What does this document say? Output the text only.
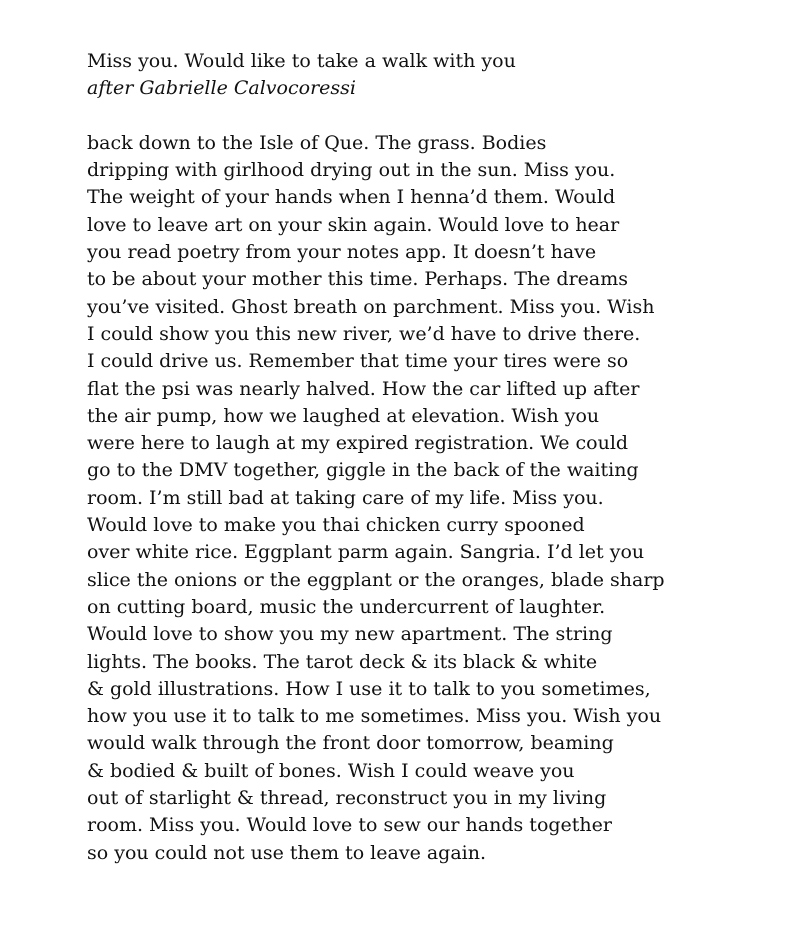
Miss you. Would like to take a walk with you
after Gabrielle Calvocoressi
back down to the Isle of Que. The grass. Bodies
dripping with girlhood drying out in the sun. Miss you.
The weight of your hands when I henna’d them. Would
love to leave art on your skin again. Would love to hear
you read poetry from your notes app. It doesn’t have
to be about your mother this time. Perhaps. The dreams
you’ve visited. Ghost breath on parchment. Miss you. Wish
I could show you this new river, we’d have to drive there.
I could drive us. Remember that time your tires were so
flat the psi was nearly halved. How the car lifted up after
the air pump, how we laughed at elevation. Wish you
were here to laugh at my expired registration. We could
go to the DMV together, giggle in the back of the waiting
room. I’m still bad at taking care of my life. Miss you.
Would love to make you thai chicken curry spooned
over white rice. Eggplant parm again. Sangria. I’d let you
slice the onions or the eggplant or the oranges, blade sharp
on cutting board, music the undercurrent of laughter.
Would love to show you my new apartment. The string
lights. The books. The tarot deck & its black & white
& gold illustrations. How I use it to talk to you sometimes,
how you use it to talk to me sometimes. Miss you. Wish you
would walk through the front door tomorrow, beaming
& bodied & built of bones. Wish I could weave you
out of starlight & thread, reconstruct you in my living
room. Miss you. Would love to sew our hands together
so you could not use them to leave again.
